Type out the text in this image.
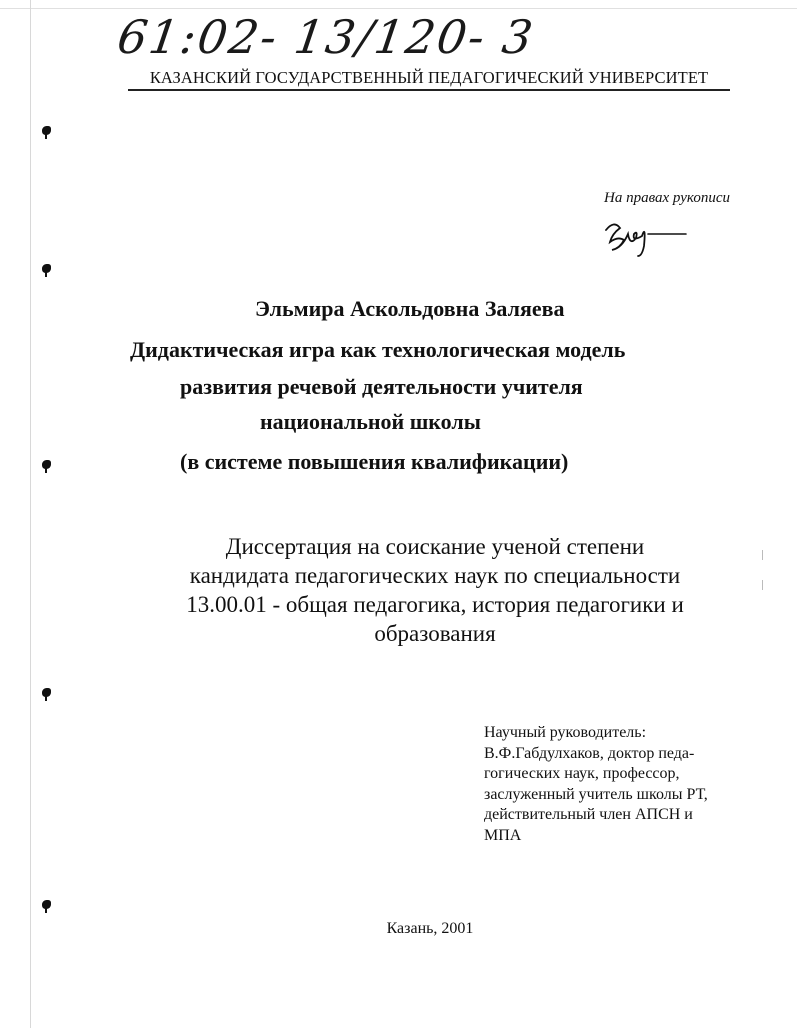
61:02- 13/120- 3
КАЗАНСКИЙ ГОСУДАРСТВЕННЫЙ ПЕДАГОГИЧЕСКИЙ УНИВЕРСИТЕТ
На правах рукописи
Эльмира Аскольдовна Заляева
Дидактическая игра как технологическая модель
развития речевой деятельности учителя
национальной школы
(в системе повышения квалификации)
Диссертация на соискание ученой степени
кандидата педагогических наук по специальности
13.00.01 - общая педагогика, история педагогики и
образования
Научный руководитель:
В.Ф.Габдулхаков, доктор педа-
гогических наук, профессор,
заслуженный учитель школы РТ,
действительный член АПСН и
МПА
Казань, 2001
